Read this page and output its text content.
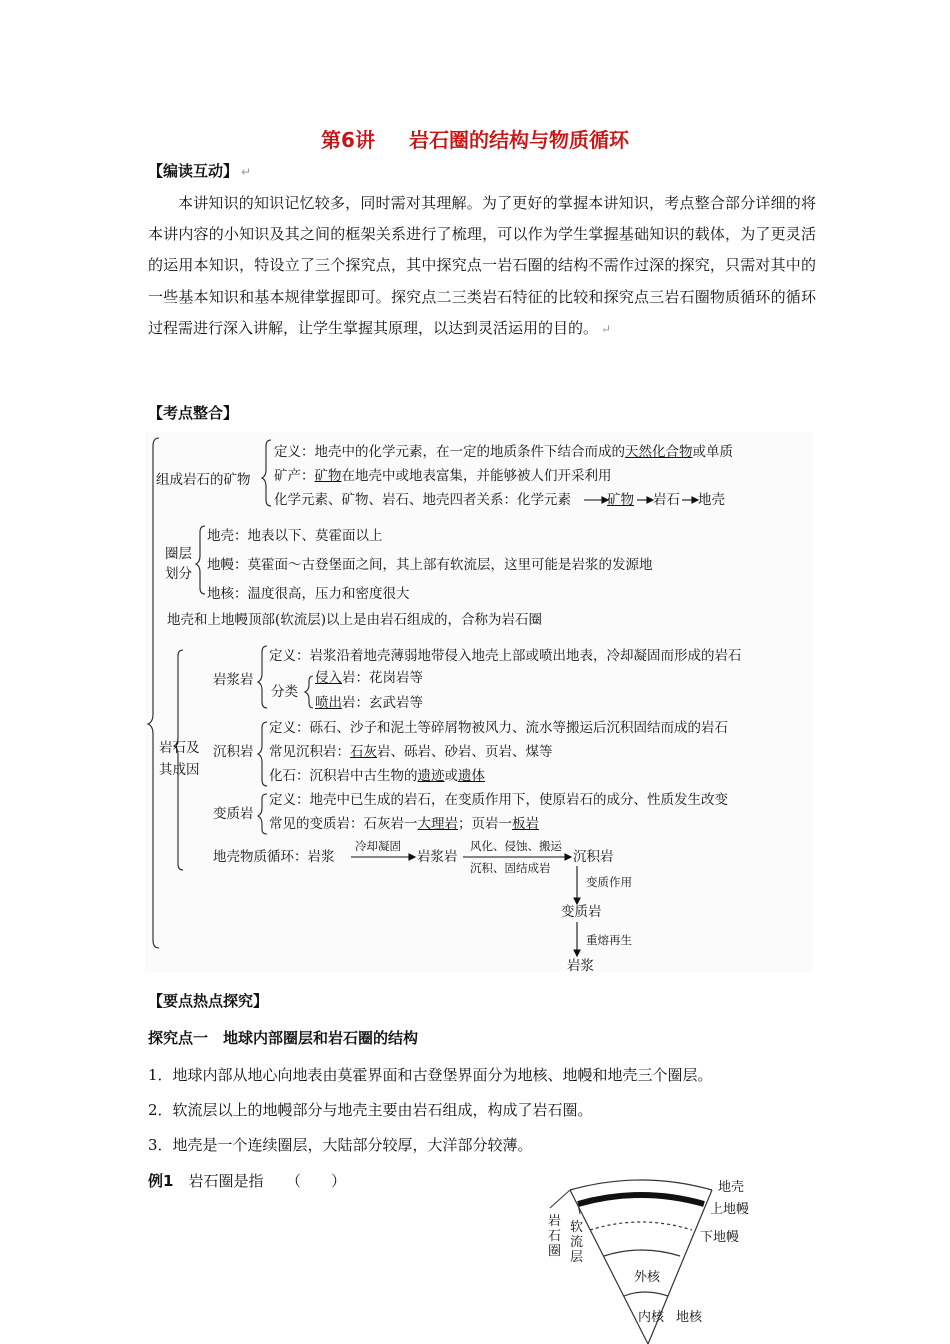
第6讲 岩石圈的结构与物质循环
【编读互动】 ↵
本讲知识的知识记忆较多，同时需对其理解。为了更好的掌握本讲知识，考点整合部分详细的将本讲内容的小知识及其之间的框架关系进行了梳理，可以作为学生掌握基础知识的载体，为了更灵活的运用本知识，特设立了三个探究点，其中探究点一岩石圈的结构不需作过深的探究，只需对其中的一些基本知识和基本规律掌握即可。探究点二三类岩石特征的比较和探究点三岩石圈物质循环的循环过程需进行深入讲解，让学生掌握其原理，以达到灵活运用的目的。 ↵
【考点整合】
组成岩石的矿物
定义：地壳中的化学元素，在一定的地质条件下结合而成的天然化合物或单质
矿产：矿物在地壳中或地表富集，并能够被人们开采利用
化学元素、矿物、岩石、地壳四者关系：化学元素	矿物 岩石 地壳
圈层
划分
地壳：地表以下、莫霍面以上
地幔：莫霍面～古登堡面之间，其上部有软流层，这里可能是岩浆的发源地
地核：温度很高，压力和密度很大
地壳和上地幔顶部(软流层)以上是由岩石组成的，合称为岩石圈
岩石及
其成因
岩浆岩
定义：岩浆沿着地壳薄弱地带侵入地壳上部或喷出地表，冷却凝固而形成的岩石
分类
侵入岩：花岗岩等
喷出岩：玄武岩等
沉积岩
定义：砾石、沙子和泥土等碎屑物被风力、流水等搬运后沉积固结而成的岩石
常见沉积岩：石灰岩、砾岩、砂岩、页岩、煤等
化石：沉积岩中古生物的遗迹或遗体
变质岩
定义：地壳中已生成的岩石，在变质作用下，使原岩石的成分、性质发生改变
常见的变质岩：石灰岩一大理岩；页岩一板岩
地壳物质循环：岩浆
冷却凝固
岩浆岩
风化、侵蚀、搬运
沉积、固结成岩
沉积岩
变质作用
变质岩
重熔再生
岩浆
【要点热点探究】
探究点一　地球内部圈层和岩石圈的结构
1．地球内部从地心向地表由莫霍界面和古登堡界面分为地核、地幔和地壳三个圈层。
2．软流层以上的地幔部分与地壳主要由岩石组成，构成了岩石圈。
3．地壳是一个连续圈层，大陆部分较厚，大洋部分较薄。
例1　 岩石圈是指　　（　　）	地壳
上地幔
下地幔
岩石圈
软流层
外核
内核 地核
